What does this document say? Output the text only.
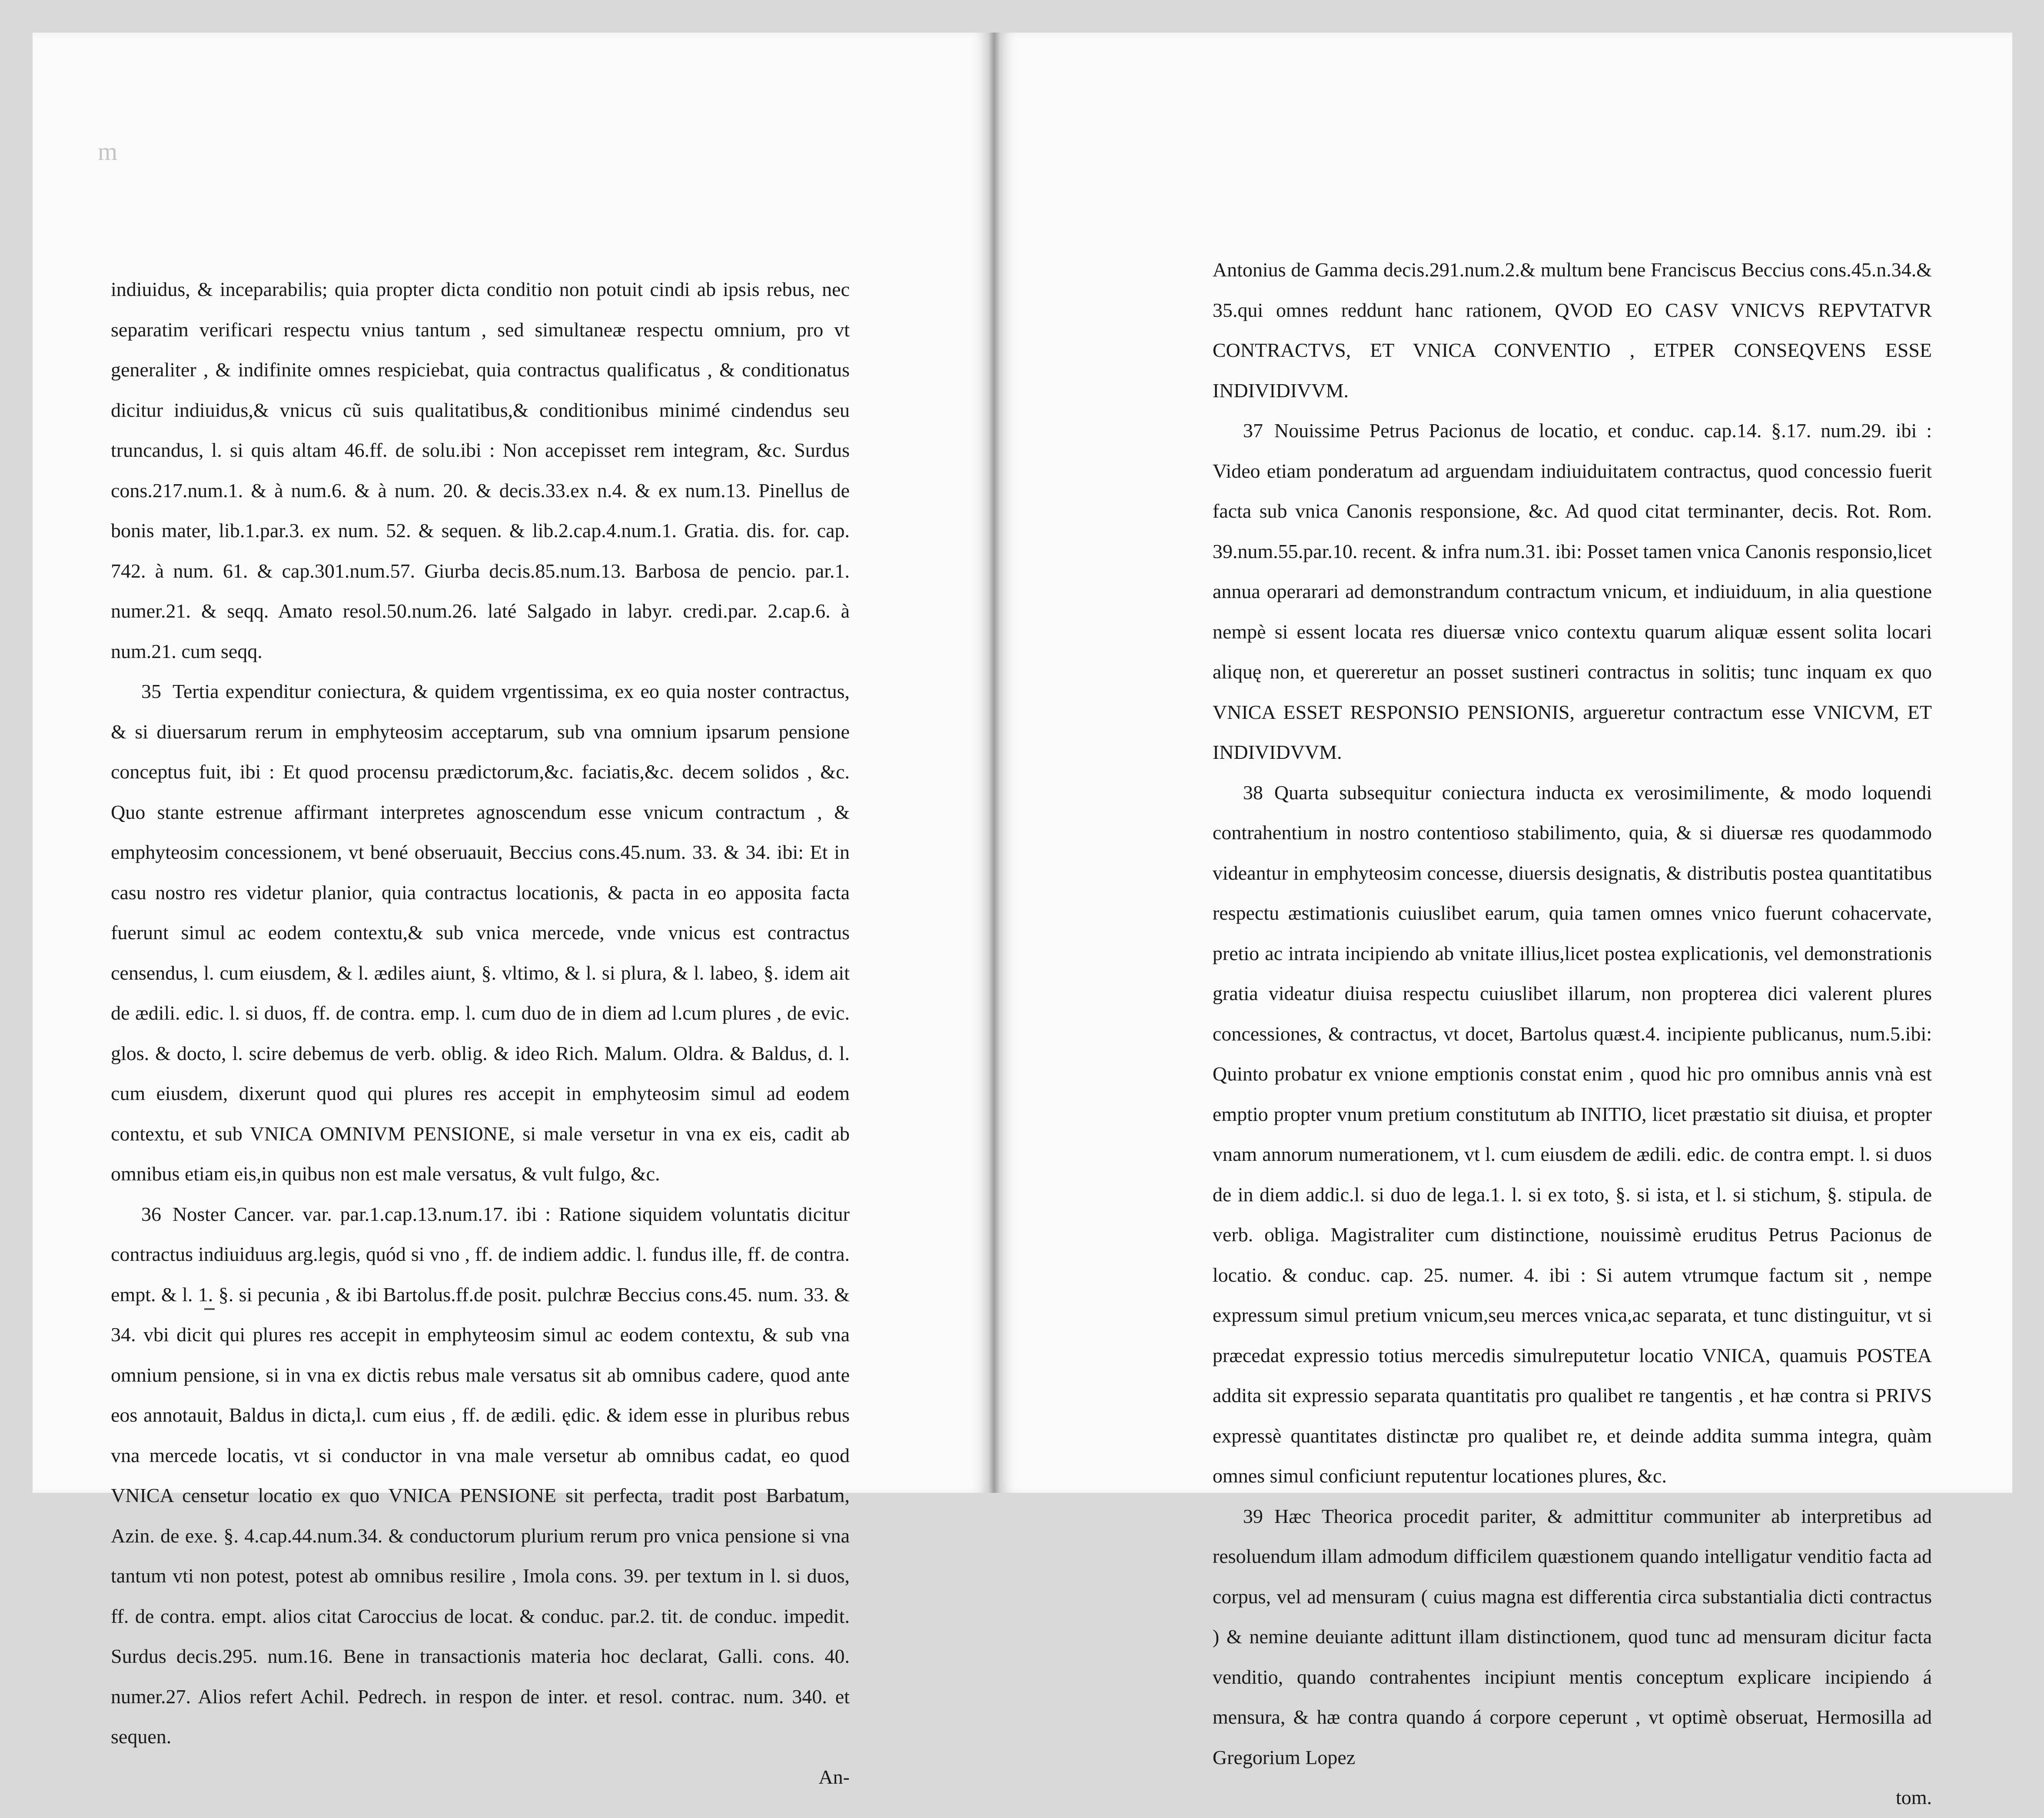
m

indiuidus, & inceparabilis; quia propter dicta conditio non potuit cindi ab ipsis rebus, nec separatim verificari respectu vnius tantum , sed simultaneæ respectu omnium, pro vt generaliter , & indifinite omnes respiciebat, quia contractus qualificatus , & conditionatus dicitur indiuidus,& vnicus cũ suis qualitatibus,& conditionibus minimé cindendus seu truncandus, l. si quis altam 46.ff. de solu.ibi : Non accepisset rem integram, &c. Surdus cons.217.num.1. & à num.6. & à num. 20. & decis.33.ex n.4. & ex num.13. Pinellus de bonis mater, lib.1.par.3. ex num. 52. & sequen. & lib.2.cap.4.num.1. Gratia. dis. for. cap. 742. à num. 61. & cap.301.num.57. Giurba decis.85.num.13. Barbosa de pencio. par.1. numer.21. & seqq. Amato resol.50.num.26. laté Salgado in labyr. credi.par. 2.cap.6. à num.21. cum seqq.

35 Tertia expenditur coniectura, & quidem vrgentissima, ex eo quia noster contractus, & si diuersarum rerum in emphyteosim acceptarum, sub vna omnium ipsarum pensione conceptus fuit, ibi : Et quod procensu prædictorum,&c. faciatis,&c. decem solidos , &c. Quo stante estrenue affirmant interpretes agnoscendum esse vnicum contractum , & emphyteosim concessionem, vt bené obseruauit, Beccius cons.45.num. 33. & 34. ibi: Et in casu nostro res videtur planior, quia contractus locationis, & pacta in eo apposita facta fuerunt simul ac eodem contextu,& sub vnica mercede, vnde vnicus est contractus censendus, l. cum eiusdem, & l. ædiles aiunt, §. vltimo, & l. si plura, & l. labeo, §. idem ait de ædili. edic. l. si duos, ff. de contra. emp. l. cum duo de in diem ad l.cum plures , de evic. glos. & docto, l. scire debemus de verb. oblig. & ideo Rich. Malum. Oldra. & Baldus, d. l. cum eiusdem, dixerunt quod qui plures res accepit in emphyteosim simul ad eodem contextu, et sub VNICA OMNIVM PENSIONE, si male versetur in vna ex eis, cadit ab omnibus etiam eis,in quibus non est male versatus, & vult fulgo, &c.

36 Noster Cancer. var. par.1.cap.13.num.17. ibi : Ratione siquidem voluntatis dicitur contractus indiuiduus arg.legis, quód si vno , ff. de indiem addic. l. fundus ille, ff. de contra. empt. & l. 1. §. si pecunia , & ibi Bartolus.ff.de posit. pulchræ Beccius cons.45. num. 33. & 34. vbi dicit qui plures res accepit in emphyteosim simul ac eodem contextu, & sub vna omnium pensione, si in vna ex dictis rebus male versatus sit ab omnibus cadere, quod ante eos annotauit, Baldus in dicta,l. cum eius , ff. de ædili. ędic. & idem esse in pluribus rebus vna mercede locatis, vt si conductor in vna male versetur ab omnibus cadat, eo quod VNICA censetur locatio ex quo VNICA PENSIONE sit perfecta, tradit post Barbatum, Azin. de exe. §. 4.cap.44.num.34. & conductorum plurium rerum pro vnica pensione si vna tantum vti non potest, potest ab omnibus resilire , Imola cons. 39. per textum in l. si duos, ff. de contra. empt. alios citat Caroccius de locat. & conduc. par.2. tit. de conduc. impedit. Surdus decis.295. num.16. Bene in transactionis materia hoc declarat, Galli. cons. 40. numer.27. Alios refert Achil. Pedrech. in respon de inter. et resol. contrac. num. 340. et sequen.

An-

Antonius de Gamma decis.291.num.2.& multum bene Franciscus Beccius cons.45.n.34.& 35.qui omnes reddunt hanc rationem, QVOD EO CASV VNICVS REPVTATVR CONTRACTVS, ET VNICA CONVENTIO , ETPER CONSEQVENS ESSE INDIVIDIVVM.

37 Nouissime Petrus Pacionus de locatio, et conduc. cap.14. §.17. num.29. ibi : Video etiam ponderatum ad arguendam indiuiduitatem contractus, quod concessio fuerit facta sub vnica Canonis responsione, &c. Ad quod citat terminanter, decis. Rot. Rom. 39.num.55.par.10. recent. & infra num.31. ibi: Posset tamen vnica Canonis responsio,licet annua operarari ad demonstrandum contractum vnicum, et indiuiduum, in alia questione nempè si essent locata res diuersæ vnico contextu quarum aliquæ essent solita locari aliquę non, et quereretur an posset sustineri contractus in solitis; tunc inquam ex quo VNICA ESSET RESPONSIO PENSIONIS, argueretur contractum esse VNICVM, ET INDIVIDVVM.

38 Quarta subsequitur coniectura inducta ex verosimilimente, & modo loquendi contrahentium in nostro contentioso stabilimento, quia, & si diuersæ res quodammodo videantur in emphyteosim concesse, diuersis designatis, & distributis postea quantitatibus respectu æstimationis cuiuslibet earum, quia tamen omnes vnico fuerunt cohacervate, pretio ac intrata incipiendo ab vnitate illius,licet postea explicationis, vel demonstrationis gratia videatur diuisa respectu cuiuslibet illarum, non propterea dici valerent plures concessiones, & contractus, vt docet, Bartolus quæst.4. incipiente publicanus, num.5.ibi: Quinto probatur ex vnione emptionis constat enim , quod hic pro omnibus annis vnà est emptio propter vnum pretium constitutum ab INITIO, licet præstatio sit diuisa, et propter vnam annorum numerationem, vt l. cum eiusdem de ædili. edic. de contra empt. l. si duos de in diem addic.l. si duo de lega.1. l. si ex toto, §. si ista, et l. si stichum, §. stipula. de verb. obliga. Magistraliter cum distinctione, nouissimè eruditus Petrus Pacionus de locatio. & conduc. cap. 25. numer. 4. ibi : Si autem vtrumque factum sit , nempe expressum simul pretium vnicum,seu merces vnica,ac separata, et tunc distinguitur, vt si præcedat expressio totius mercedis simulreputetur locatio VNICA, quamuis POSTEA addita sit expressio separata quantitatis pro qualibet re tangentis , et hæ contra si PRIVS expressè quantitates distinctæ pro qualibet re, et deinde addita summa integra, quàm omnes simul conficiunt reputentur locationes plures, &c.

39 Hæc Theorica procedit pariter, & admittitur communiter ab interpretibus ad resoluendum illam admodum difficilem quæstionem quando intelligatur venditio facta ad corpus, vel ad mensuram ( cuius magna est differentia circa substantialia dicti contractus ) & nemine deuiante adittunt illam distinctionem, quod tunc ad mensuram dicitur facta venditio, quando contrahentes incipiunt mentis conceptum explicare incipiendo á mensura, & hæ contra quando á corpore ceperunt , vt optimè obseruat, Hermosilla ad Gregorium Lopez

tom.
